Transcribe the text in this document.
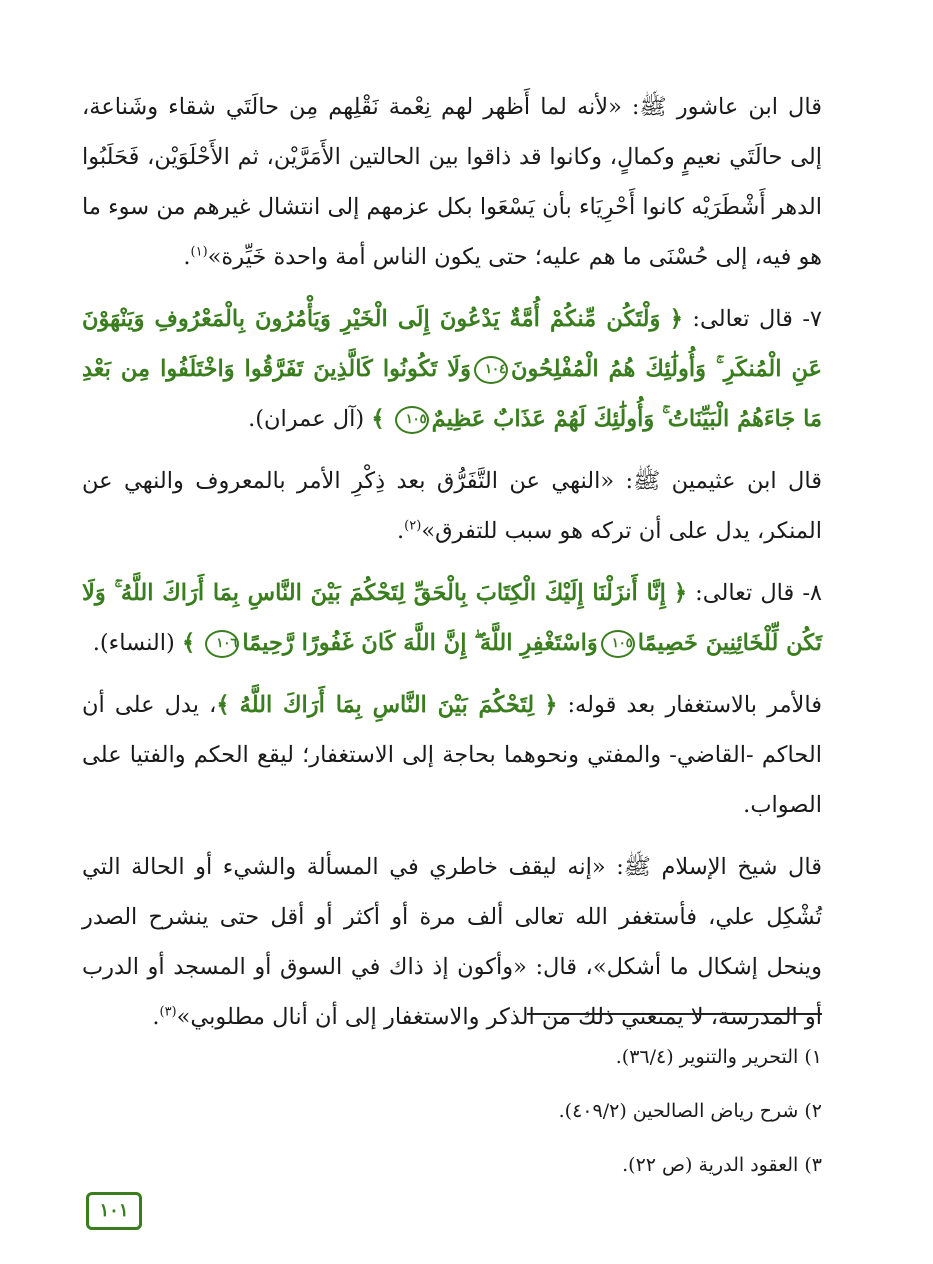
قال ابن عاشور ﷺ: «لأنه لما أَظهر لهم نِعْمة نَقْلِهم مِن حالَتَي شقاء وشَناعة، إلى حالَتَي نعيمٍ وكمالٍ، وكانوا قد ذاقوا بين الحالتين الأَمَرَّيْن، ثم الأَحْلَوَيْن، فَحَلَبُوا الدهر أَشْطَرَيْه كانوا أَحْرِيَاء بأن يَسْعَوا بكل عزمهم إلى انتشال غيرهم من سوء ما هو فيه، إلى حُسْنَى ما هم عليه؛ حتى يكون الناس أمة واحدة خَيِّرة»$^{(١)}$.

٧- قال تعالى: ﴿ وَلْتَكُن مِّنكُمْ أُمَّةٌ يَدْعُونَ إِلَى الْخَيْرِ وَيَأْمُرُونَ بِالْمَعْرُوفِ وَيَنْهَوْنَ عَنِ الْمُنكَرِ ۚ وَأُولَٰئِكَ هُمُ الْمُفْلِحُونَ١٠٤وَلَا تَكُونُوا كَالَّذِينَ تَفَرَّقُوا وَاخْتَلَفُوا مِن بَعْدِ مَا جَاءَهُمُ الْبَيِّنَاتُ ۚ وَأُولَٰئِكَ لَهُمْ عَذَابٌ عَظِيمٌ١٠٥ ﴾ (آل عمران).

قال ابن عثيمين ﷺ: «النهي عن التَّفَرُّق بعد ذِكْرِ الأمر بالمعروف والنهي عن المنكر، يدل على أن تركه هو سبب للتفرق»$^{(٢)}$.

٨- قال تعالى: ﴿ إِنَّا أَنزَلْنَا إِلَيْكَ الْكِتَابَ بِالْحَقِّ لِتَحْكُمَ بَيْنَ النَّاسِ بِمَا أَرَاكَ اللَّهُ ۚ وَلَا تَكُن لِّلْخَائِنِينَ خَصِيمًا١٠٥وَاسْتَغْفِرِ اللَّهَ ۖ إِنَّ اللَّهَ كَانَ غَفُورًا رَّحِيمًا١٠٦ ﴾ (النساء).

فالأمر بالاستغفار بعد قوله: ﴿ لِتَحْكُمَ بَيْنَ النَّاسِ بِمَا أَرَاكَ اللَّهُ ﴾، يدل على أن الحاكم -القاضي- والمفتي ونحوهما بحاجة إلى الاستغفار؛ ليقع الحكم والفتيا على الصواب.

قال شيخ الإسلام ﷺ: «إنه ليقف خاطري في المسألة والشيء أو الحالة التي تُشْكِل علي، فأستغفر الله تعالى ألف مرة أو أكثر أو أقل حتى ينشرح الصدر وينحل إشكال ما أشكل»، قال: «وأكون إذ ذاك في السوق أو المسجد أو الدرب أو المدرسة، لا يمنعني ذلك من الذكر والاستغفار إلى أن أنال مطلوبي»$^{(٣)}$.

١) التحرير والتنوير (٣٦/٤).

٢) شرح رياض الصالحين (٤٠٩/٢).

٣) العقود الدرية (ص ٢٢).

١٠١
